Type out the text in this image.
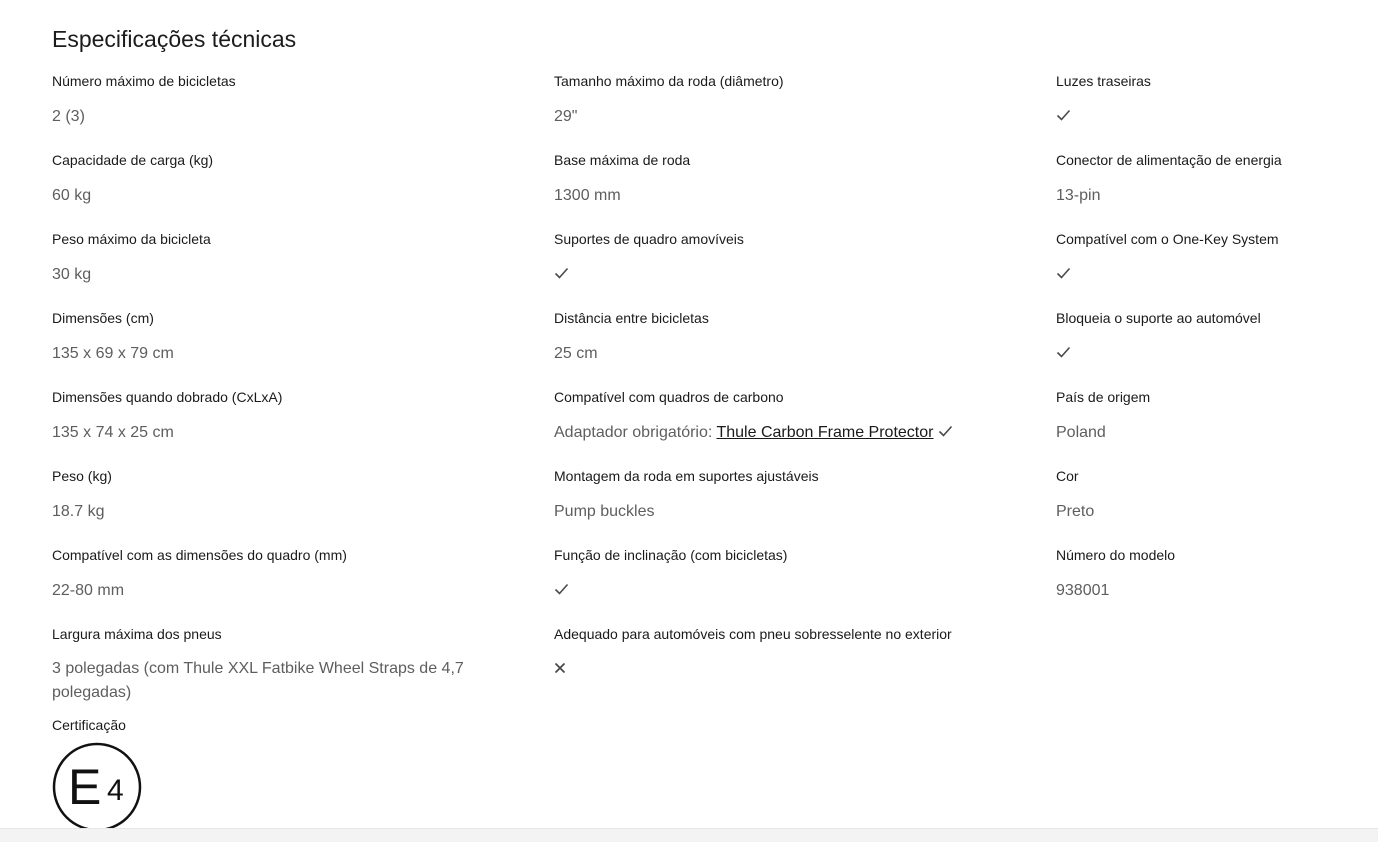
Especificações técnicas
Número máximo de bicicletas
2 (3)
Capacidade de carga (kg)
60 kg
Peso máximo da bicicleta
30 kg
Dimensões (cm)
135 x 69 x 79 cm
Dimensões quando dobrado (CxLxA)
135 x 74 x 25 cm
Peso (kg)
18.7 kg
Compatível com as dimensões do quadro (mm)
22-80 mm
Largura máxima dos pneus
3 polegadas (com Thule XXL Fatbike Wheel Straps de 4,7 polegadas)
Tamanho máximo da roda (diâmetro)
29"
Base máxima de roda
1300 mm
Suportes de quadro amovíveis
Distância entre bicicletas
25 cm
Compatível com quadros de carbono
Adaptador obrigatório: Thule Carbon Frame Protector
Montagem da roda em suportes ajustáveis
Pump buckles
Função de inclinação (com bicicletas)
Adequado para automóveis com pneu sobresselente no exterior
Luzes traseiras
Conector de alimentação de energia
13-pin
Compatível com o One-Key System
Bloqueia o suporte ao automóvel
País de origem
Poland
Cor
Preto
Número do modelo
938001
Certificação
E 4
